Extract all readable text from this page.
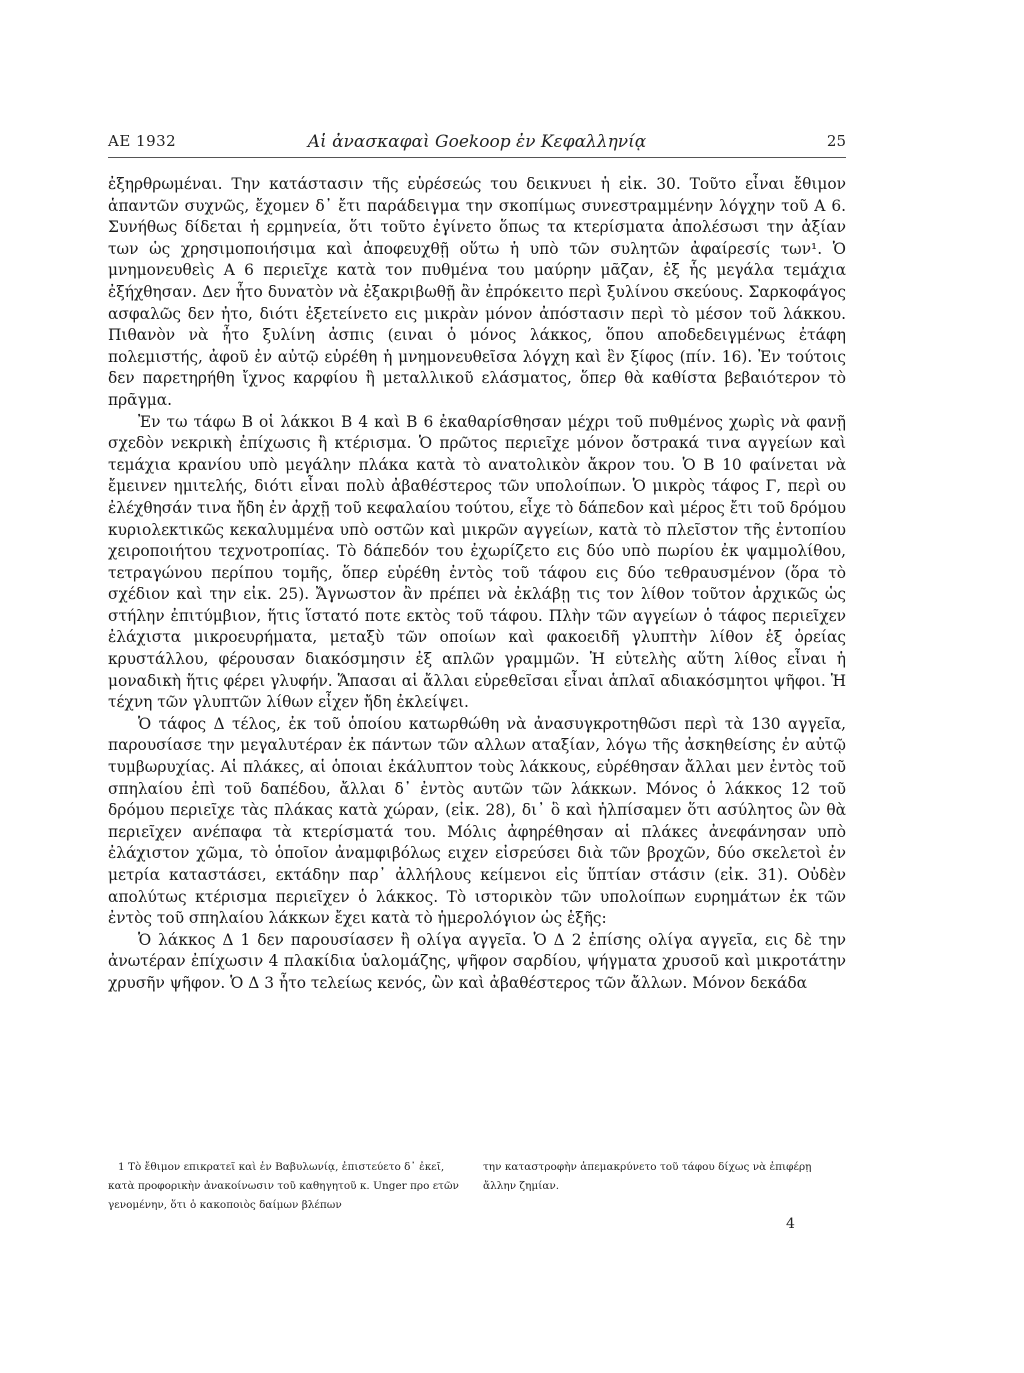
AE 1932	Αἱ ἀνασκαφαὶ Goekoop ἐν Κεφαλληνίᾳ	25

ἐξηρθρωμέναι. Την κατάστασιν τῆς εὑρέσεώς του δεικνυει ἡ εἰκ. 30. Τοῦτο εἶναι ἔθιμον ἁπαντῶν συχνῶς, ἔχομεν δ᾽ ἔτι παράδειγμα την σκοπίμως συνεστραμμένην λόγχην τοῦ Α 6. Συνήθως δίδεται ἡ ερμηνεία, ὅτι τοῦτο ἐγίνετο ὅπως τα κτερίσματα ἀπολέσωσι την ἀξίαν των ὡς χρησιμοποιήσιμα καὶ ἀποφευχθῇ οὕτω ἡ υπὸ τῶν συλητῶν ἀφαίρεσίς των¹. Ὁ μνημονευθεὶς Α 6 περιεῖχε κατὰ τον πυθμένα του μαύρην μᾶζαν, ἐξ ἧς μεγάλα τεμάχια ἐξήχθησαν. Δεν ἦτο δυνατὸν νὰ ἐξακριβωθῇ ἂν ἐπρόκειτο περὶ ξυλίνου σκεύους. Σαρκοφάγος ασφαλῶς δεν ἠτο, διότι ἐξετείνετο εις μικρὰν μόνον ἀπόστασιν περὶ τὸ μέσον τοῦ λάκκου. Πιθανὸν νὰ ἦτο ξυλίνη ἀσπις (ειναι ὁ μόνος λάκκος, ὅπου αποδεδειγμένως ἐτάφη πολεμιστής, ἀφοῦ ἐν αὐτῷ εὑρέθη ἡ μνημονευθεῖσα λόγχη καὶ ἓν ξίφος (πίν. 16). Ἐν τούτοις δεν παρετηρήθη ἴχνος καρφίου ἢ μεταλλικοῦ ελάσματος, ὅπερ θὰ καθίστα βεβαιότερον τὸ πρᾶγμα.

Ἐν τω τάφω Β οἱ λάκκοι Β 4 καὶ Β 6 ἐκαθαρίσθησαν μέχρι τοῦ πυθμένος χωρὶς νὰ φανῇ σχεδὸν νεκρικὴ ἐπίχωσις ἢ κτέρισμα. Ὁ πρῶτος περιεῖχε μόνον ὄστρακά τινα αγγείων καὶ τεμάχια κρανίου υπὸ μεγάλην πλάκα κατὰ τὸ ανατολικὸν ἄκρον του. Ὁ Β 10 φαίνεται νὰ ἔμεινεν ημιτελής, διότι εἶναι πολὺ ἀβαθέστερος τῶν υπολοίπων. Ὁ μικρὸς τάφος Γ, περὶ ου ἐλέχθησάν τινα ἤδη ἐν ἀρχῇ τοῦ κεφαλαίου τούτου, εἶχε τὸ δάπεδον καὶ μέρος ἔτι τοῦ δρόμου κυριολεκτικῶς κεκαλυμμένα υπὸ οστῶν καὶ μικρῶν αγγείων, κατὰ τὸ πλεῖστον τῆς ἐντοπίου χειροποιήτου τεχνοτροπίας. Τὸ δάπεδόν του ἐχωρίζετο εις δύο υπὸ πωρίου ἐκ ψαμμολίθου, τετραγώνου περίπου τομῆς, ὅπερ εὑρέθη ἐντὸς τοῦ τάφου εις δύο τεθραυσμένον (ὅρα τὸ σχέδιον καὶ την εἰκ. 25). Ἄγνωστον ἂν πρέπει νὰ ἐκλάβῃ τις τον λίθον τοῦτον ἀρχικῶς ὡς στήλην ἐπιτύμβιον, ἥτις ἵστατό ποτε εκτὸς τοῦ τάφου. Πλὴν τῶν αγγείων ὁ τάφος περιεῖχεν ἐλάχιστα μικροευρήματα, μεταξὺ τῶν οποίων καὶ φακοειδῆ γλυπτὴν λίθον ἐξ ὀρείας κρυστάλλου, φέρουσαν διακόσμησιν ἐξ απλῶν γραμμῶν. Ἡ εὐτελὴς αὕτη λίθος εἶναι ἡ μοναδικὴ ἥτις φέρει γλυφήν. Ἅπασαι αἱ ἄλλαι εὑρεθεῖσαι εἶναι ἁπλαῖ αδιακόσμητοι ψῆφοι. Ἡ τέχνη τῶν γλυπτῶν λίθων εἶχεν ἤδη ἐκλείψει.

Ὁ τάφος Δ τέλος, ἐκ τοῦ ὁποίου κατωρθώθη νὰ ἀνασυγκροτηθῶσι περὶ τὰ 130 αγγεῖα, παρουσίασε την μεγαλυτέραν ἐκ πάντων τῶν αλλων αταξίαν, λόγω τῆς ἀσκηθείσης ἐν αὐτῷ τυμβωρυχίας. Αἱ πλάκες, αἱ ὁποιαι ἐκάλυπτον τοὺς λάκκους, εὑρέθησαν ἄλλαι μεν ἐντὸς τοῦ σπηλαίου ἐπὶ τοῦ δαπέδου, ἄλλαι δ᾽ ἐντὸς αυτῶν τῶν λάκκων. Μόνος ὁ λάκκος 12 τοῦ δρόμου περιεῖχε τὰς πλάκας κατὰ χώραν, (εἰκ. 28), δι᾽ ὃ καὶ ἠλπίσαμεν ὅτι ασύλητος ὢν θὰ περιεῖχεν ανέπαφα τὰ κτερίσματά του. Μόλις ἀφηρέθησαν αἱ πλάκες ἀνεφάνησαν υπὸ ἐλάχιστον χῶμα, τὸ ὁποῖον ἀναμφιβόλως ειχεν εἰσρεύσει διὰ τῶν βροχῶν, δύο σκελετοὶ ἐν μετρία καταστάσει, εκτάδην παρ᾽ ἀλλήλους κείμενοι εἰς ὕπτίαν στάσιν (εἰκ. 31). Οὐδὲν απολύτως κτέρισμα περιεῖχεν ὁ λάκκος. Τὸ ιστορικὸν τῶν υπολοίπων ευρημάτων ἐκ τῶν ἐντὸς τοῦ σπηλαίου λάκκων ἔχει κατὰ τὸ ἡμερολόγιον ὡς ἑξῆς:

Ὁ λάκκος Δ 1 δεν παρουσίασεν ἢ ολίγα αγγεῖα. Ὁ Δ 2 ἐπίσης ολίγα αγγεῖα, εις δὲ την ἀνωτέραν ἐπίχωσιν 4 πλακίδια ὑαλομάζης, ψῆφον σαρδίου, ψήγματα χρυσοῦ καὶ μικροτάτην χρυσῆν ψῆφον. Ὁ Δ 3 ἦτο τελείως κενός, ὢν καὶ ἀβαθέστερος τῶν ἄλλων. Μόνον δεκάδα

1 Τὸ ἔθιμον επικρατεῖ καὶ ἐν Βαβυλωνίᾳ, ἐπιστεύετο δ᾽ ἐκεῖ, κατὰ προφορικὴν ἀνακοίνωσιν τοῦ καθηγητοῦ κ. Unger προ ετῶν γενομένην, ὅτι ὁ κακοποιὸς δαίμων βλέπων

την καταστροφὴν ἀπεμακρύνετο τοῦ τάφου δίχως νὰ ἐπιφέρῃ ἄλλην ζημίαν.

4
